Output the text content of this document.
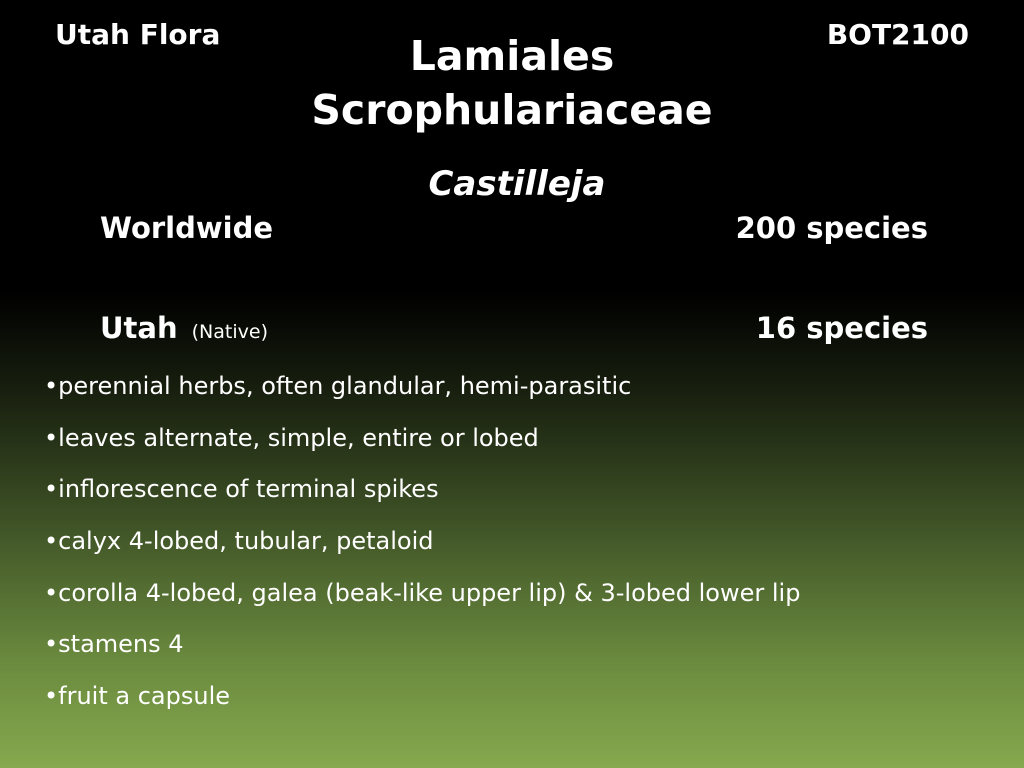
Utah Flora	BOT2100
Lamiales
Scrophulariaceae
Castilleja
Worldwide	200 species
Utah (Native)	16 species
•perennial herbs, often glandular, hemi-parasitic
•leaves alternate, simple, entire or lobed
•inflorescence of terminal spikes
•calyx 4-lobed, tubular, petaloid
•corolla 4-lobed, galea (beak-like upper lip) & 3-lobed lower lip
•stamens 4
•fruit a capsule
